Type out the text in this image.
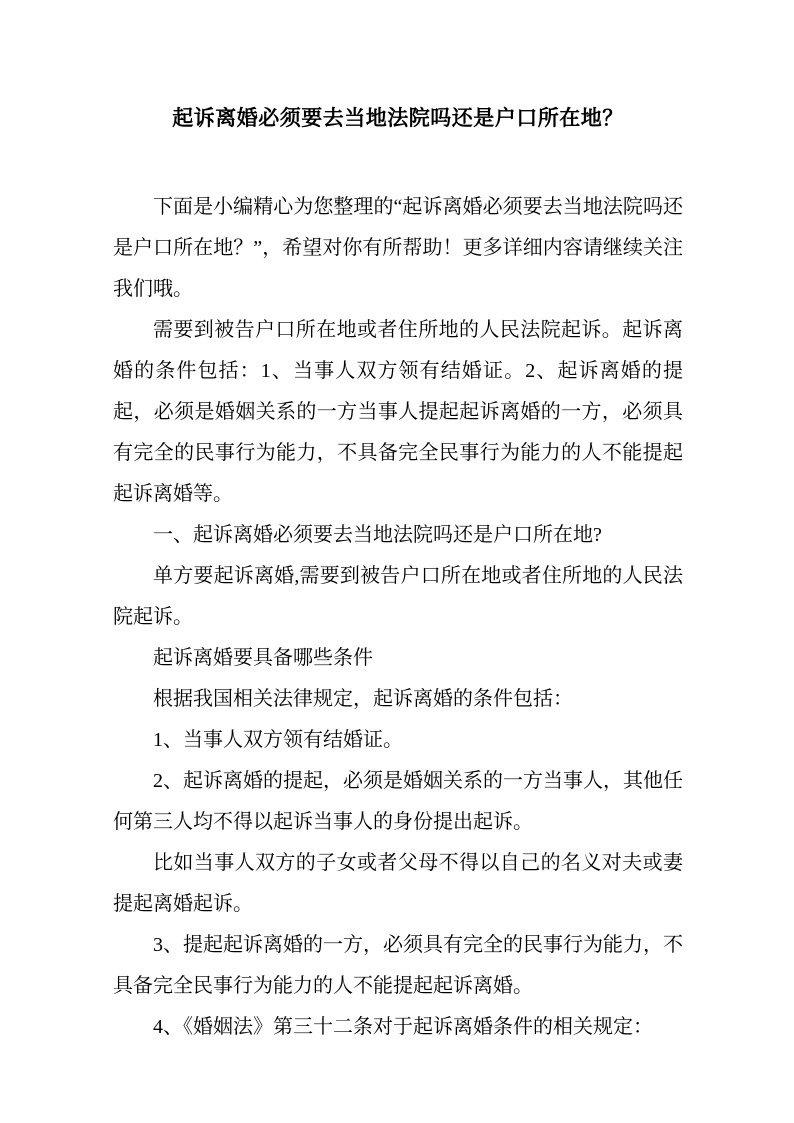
起诉离婚必须要去当地法院吗还是户口所在地？

下面是小编精心为您整理的“起诉离婚必须要去当地法院吗还是户口所在地？”，希望对你有所帮助！更多详细内容请继续关注我们哦。

需要到被告户口所在地或者住所地的人民法院起诉。起诉离婚的条件包括：1、当事人双方领有结婚证。2、起诉离婚的提起，必须是婚姻关系的一方当事人提起起诉离婚的一方，必须具有完全的民事行为能力，不具备完全民事行为能力的人不能提起起诉离婚等。

一、起诉离婚必须要去当地法院吗还是户口所在地?

单方要起诉离婚,需要到被告户口所在地或者住所地的人民法院起诉。

起诉离婚要具备哪些条件

根据我国相关法律规定，起诉离婚的条件包括：

1、当事人双方领有结婚证。

2、起诉离婚的提起，必须是婚姻关系的一方当事人，其他任何第三人均不得以起诉当事人的身份提出起诉。

比如当事人双方的子女或者父母不得以自己的名义对夫或妻提起离婚起诉。

3、提起起诉离婚的一方，必须具有完全的民事行为能力，不具备完全民事行为能力的人不能提起起诉离婚。

4、《婚姻法》第三十二条对于起诉离婚条件的相关规定：
